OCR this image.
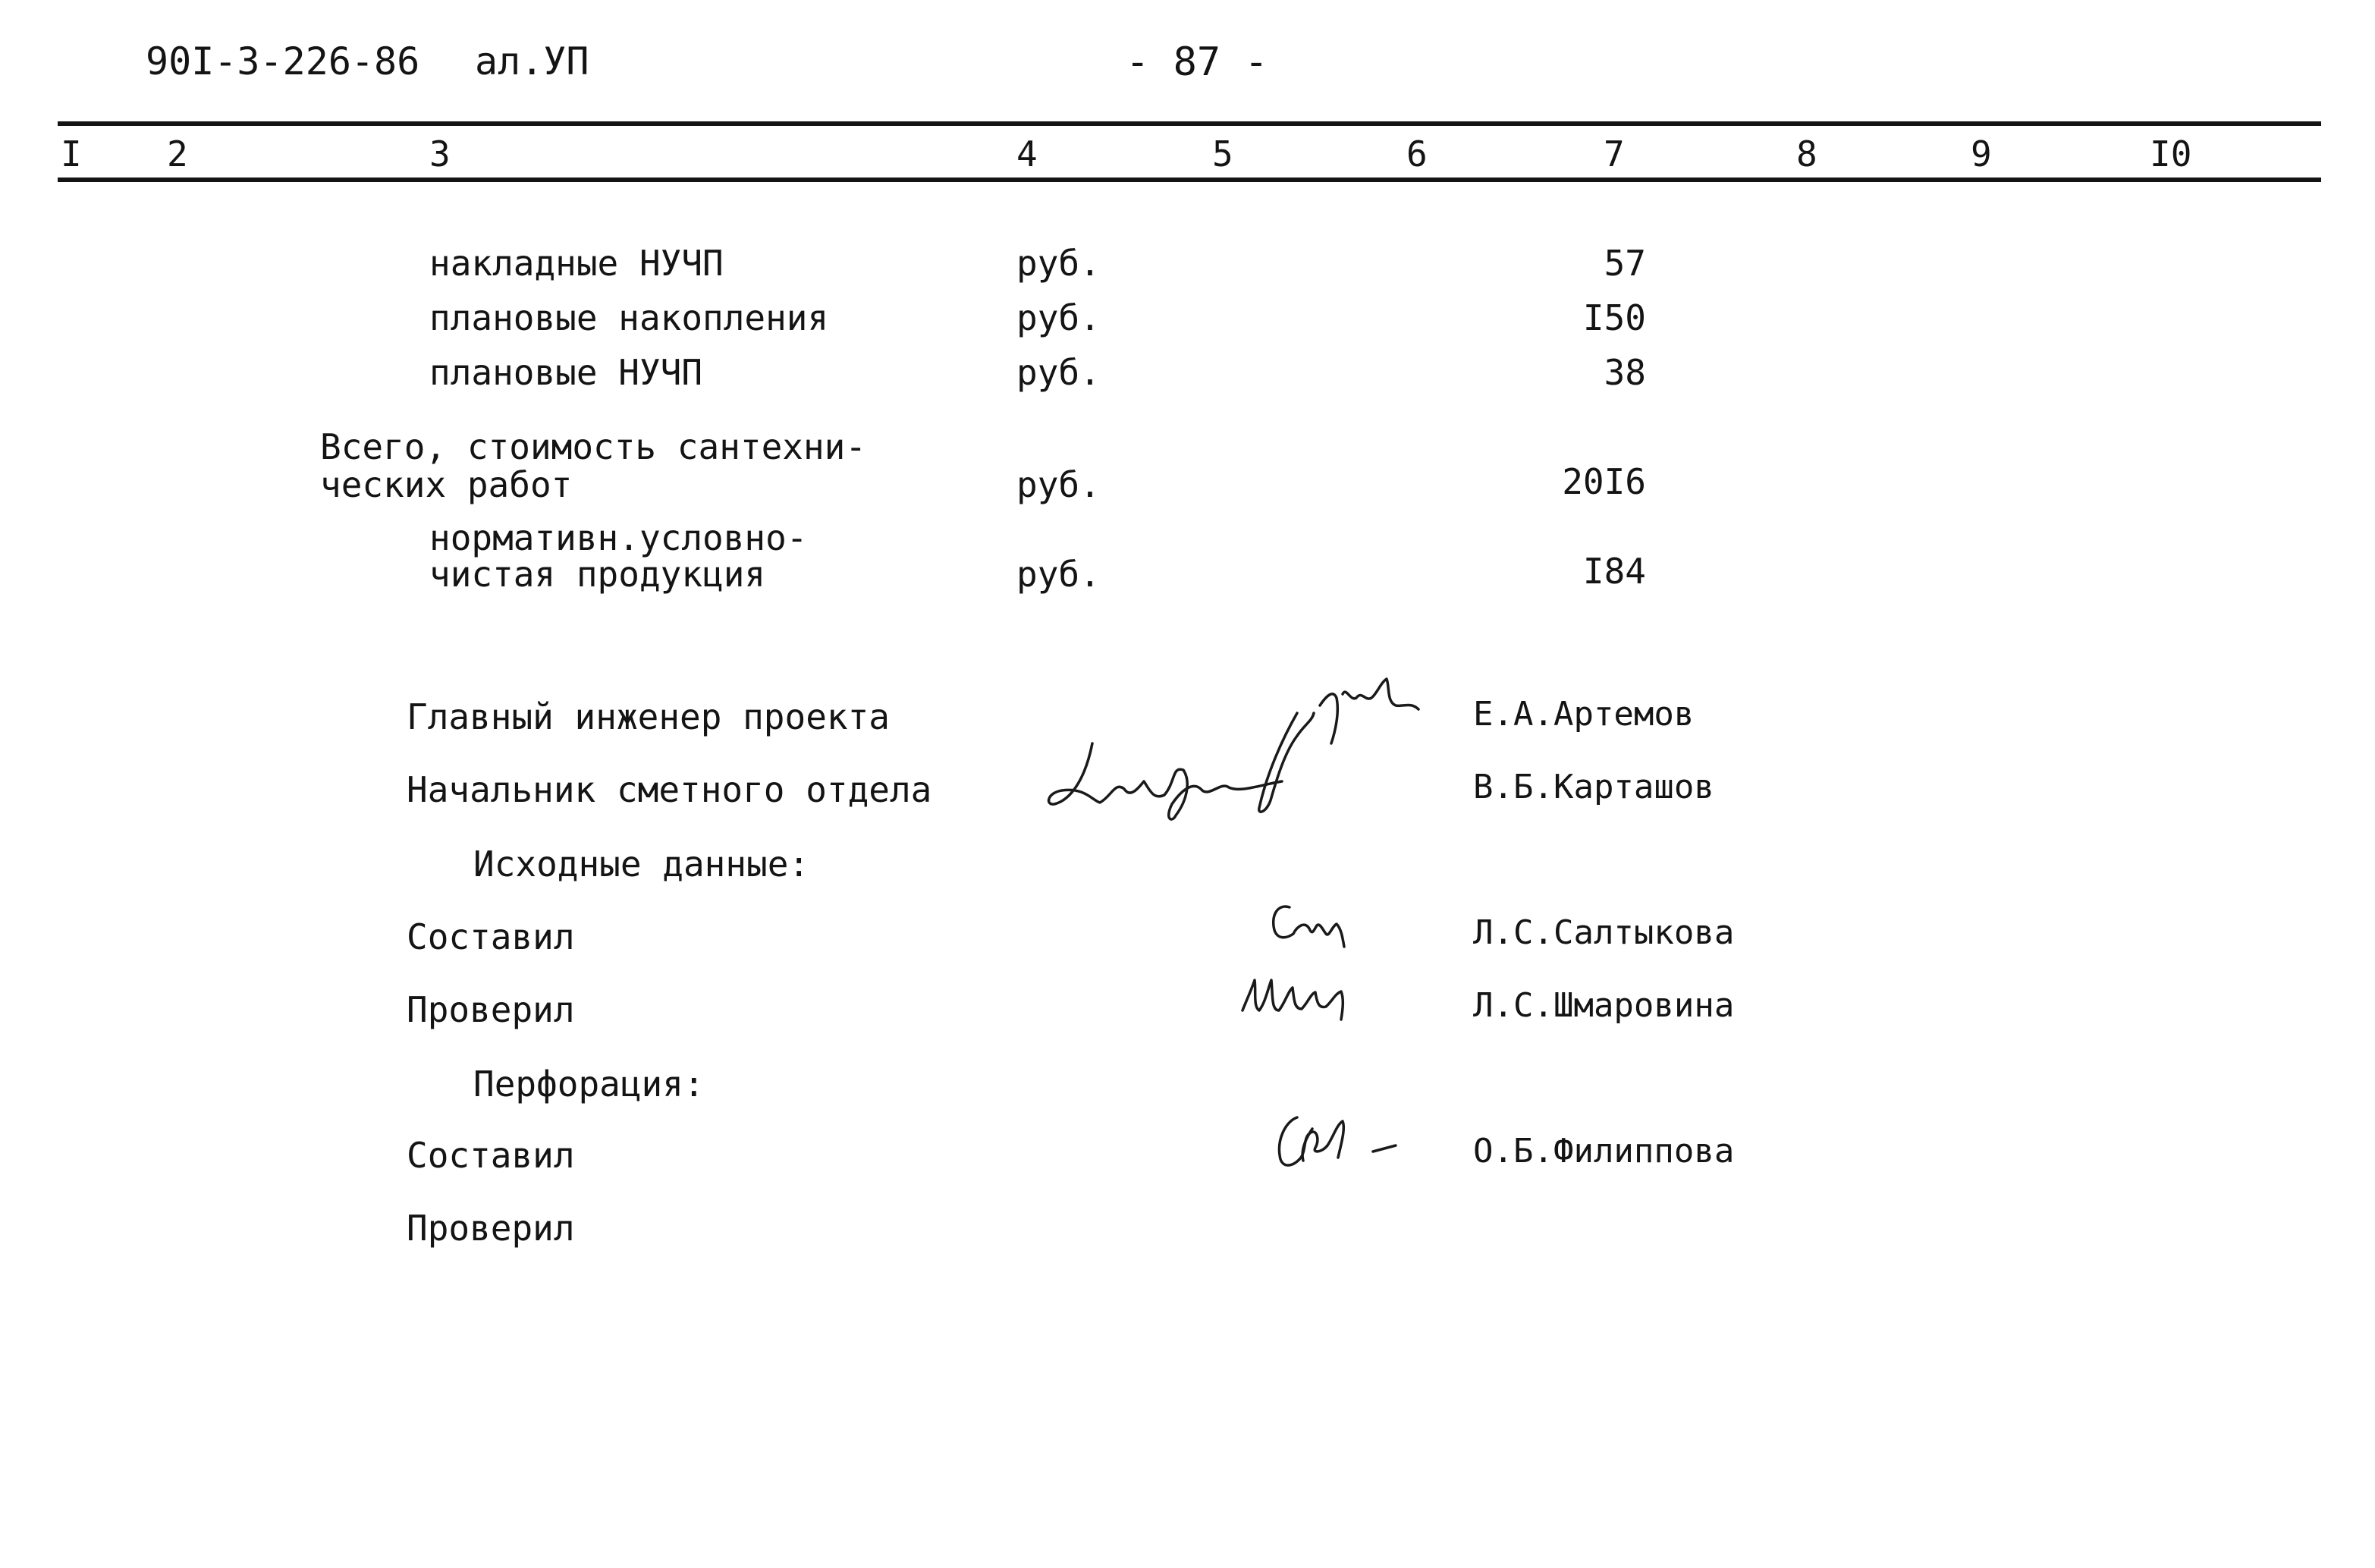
90I-3-226-86 ал.УП	- 87 -
I 2	3	4	5	6	7	8	9	I0
накладные НУЧП	руб.	57
плановые накопления	руб.	I50
плановые НУЧП	руб.	38
Всего, стоимость сантехни-
ческих работ	руб.	20I6
нормативн.условно-
чистая продукция	руб.	I84
Главный инженер проекта	Е.А.Артемов
Начальник сметного отдела	В.Б.Карташов
Исходные данные:
Составил	Л.С.Салтыкова
Проверил	Л.С.Шмаровина
Перфорация:
Составил	О.Б.Филиппова
Проверил
